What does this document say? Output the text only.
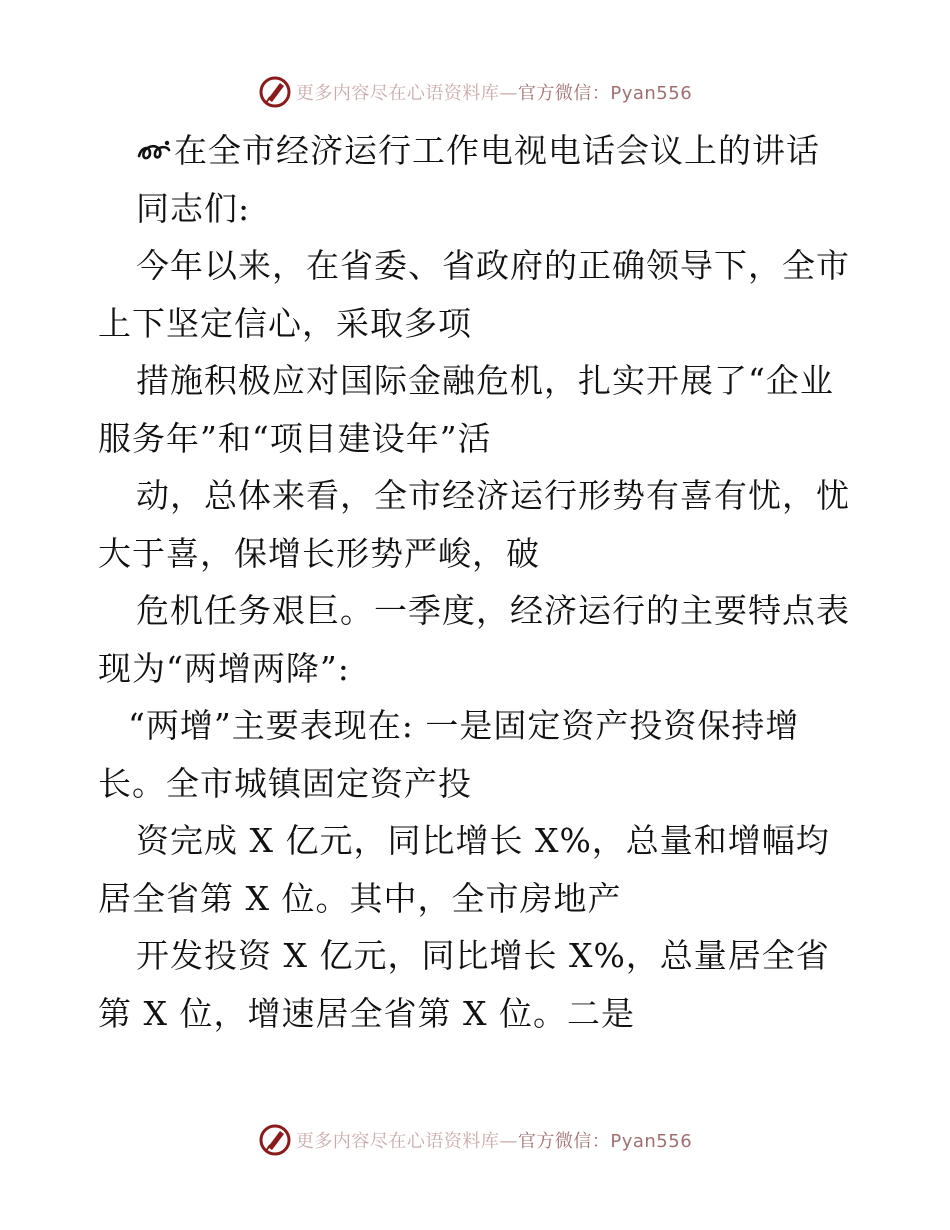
更多内容尽在心语资料库—官方微信：Pyan556
在全市经济运行工作电视电话会议上的讲话
同志们:
今年以来，在省委、省政府的正确领导下，全市
上下坚定信心，采取多项
措施积极应对国际金融危机，扎实开展了“企业
服务年”和“项目建设年”活
动，总体来看，全市经济运行形势有喜有忧，忧
大于喜，保增长形势严峻，破
危机任务艰巨。一季度，经济运行的主要特点表
现为“两增两降”:
“两增”主要表现在: 一是固定资产投资保持增
长。全市城镇固定资产投
资完成 X 亿元，同比增长 X%，总量和增幅均
居全省第 X 位。其中，全市房地产
开发投资 X 亿元，同比增长 X%，总量居全省
第 X 位，增速居全省第 X 位。二是
更多内容尽在心语资料库—官方微信：Pyan556
